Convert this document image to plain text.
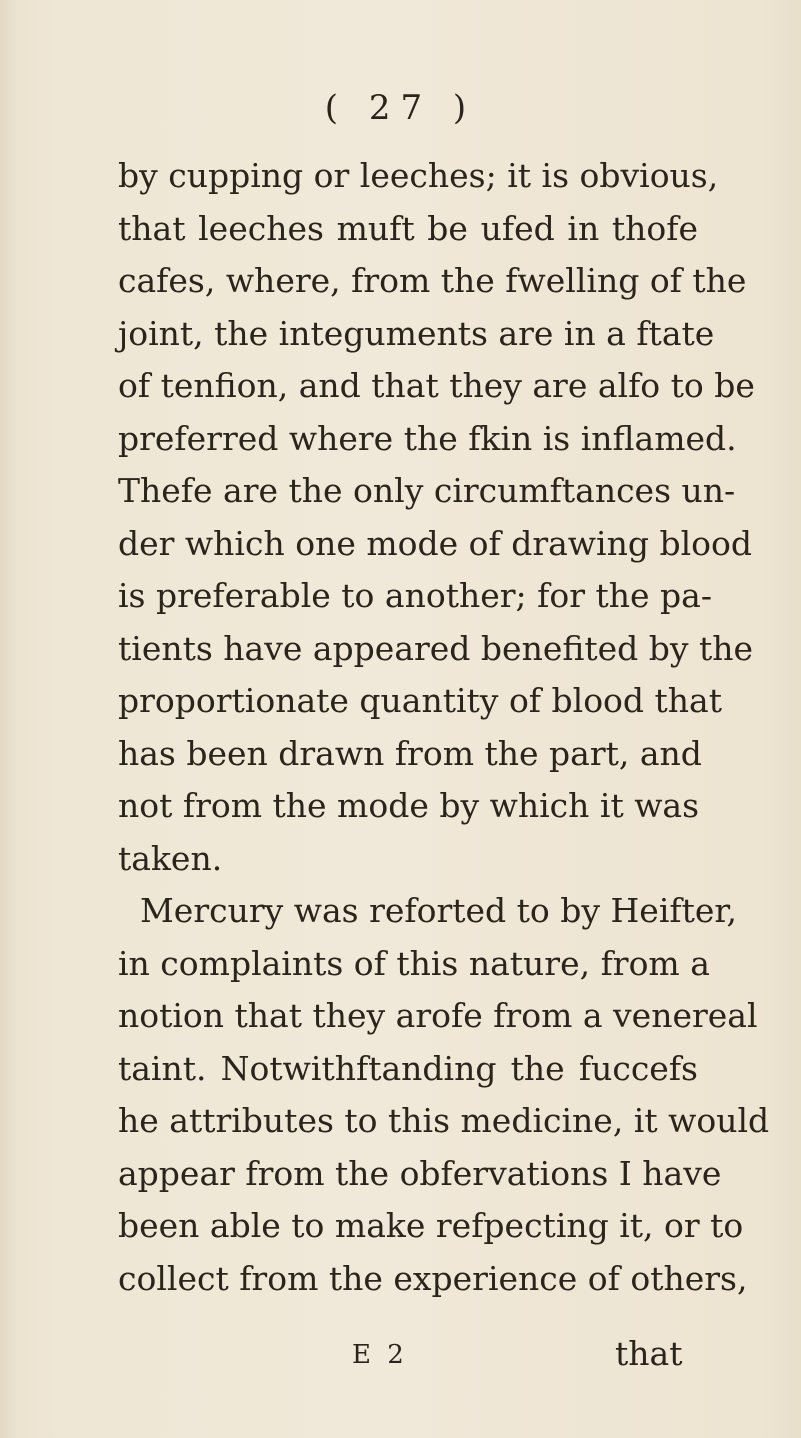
( 27 )
by cupping or leeches; it is obvious,
that leeches muft be ufed in thofe
cafes, where, from the fwelling of the
joint, the integuments are in a ftate
of tenfion, and that they are alfo to be
preferred where the fkin is inflamed.
Thefe are the only circumftances un-
der which one mode of drawing blood
is preferable to another; for the pa-
tients have appeared benefited by the
proportionate quantity of blood that
has been drawn from the part, and
not from the mode by which it was
taken.
Mercury was reforted to by Heifter,
in complaints of this nature, from a
notion that they arofe from a venereal
taint. Notwithftanding the fuccefs
he attributes to this medicine, it would
appear from the obfervations I have
been able to make refpecting it, or to
collect from the experience of others,
E 2	that
